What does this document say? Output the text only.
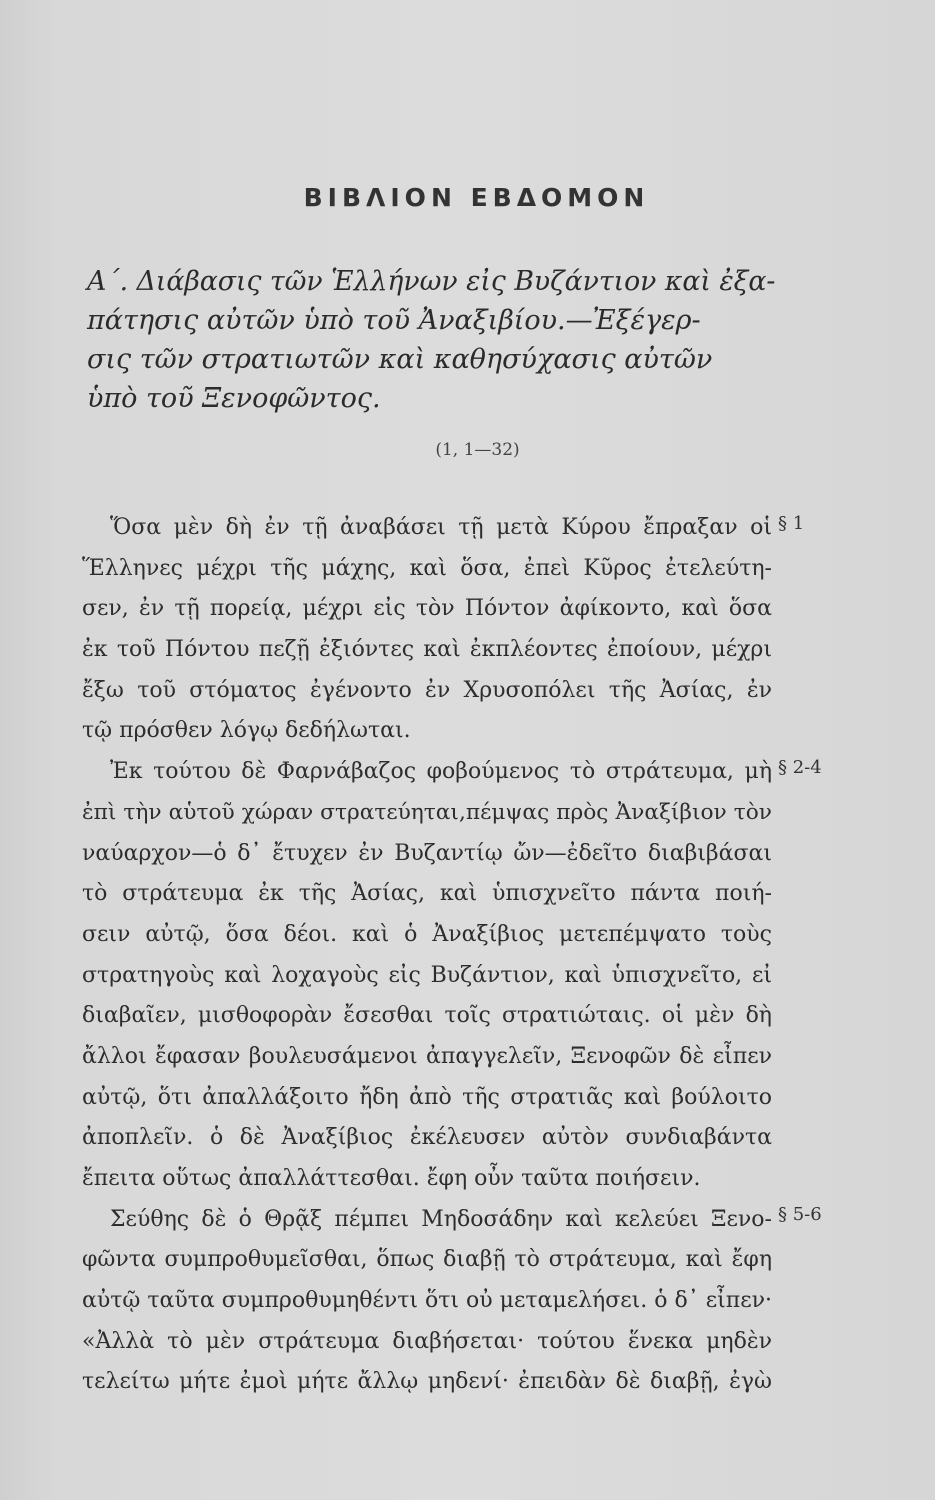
ΒΙΒΛΙΟΝ ΕΒΔΟΜΟΝ
Α΄. Διάβασις τῶν Ἑλλήνων εἰς Βυζάντιον καὶ ἐξα-
πάτησις αὐτῶν ὑπὸ τοῦ Ἀναξιβίου.—Ἐξέγερ-
σις τῶν στρατιωτῶν καὶ καθησύχασις αὐτῶν
ὑπὸ τοῦ Ξενοφῶντος.
(1, 1—32)
Ὅσα μὲν δὴ ἐν τῇ ἀναβάσει τῇ μετὰ Κύρου ἔπραξαν οἱ
Ἕλληνες μέχρι τῆς μάχης, καὶ ὅσα, ἐπεὶ Κῦρος ἐτελεύτη-
σεν, ἐν τῇ πορείᾳ, μέχρι εἰς τὸν Πόντον ἀφίκοντο, καὶ ὅσα
ἐκ τοῦ Πόντου πεζῇ ἐξιόντες καὶ ἐκπλέοντες ἐποίουν, μέχρι
ἔξω τοῦ στόματος ἐγένοντο ἐν Χρυσοπόλει τῆς Ἀσίας, ἐν
τῷ πρόσθεν λόγῳ δεδήλωται.
Ἐκ τούτου δὲ Φαρνάβαζος φοβούμενος τὸ στράτευμα, μὴ
ἐπὶ τὴν αὑτοῦ χώραν στρατεύηται,πέμψας πρὸς Ἀναξίβιον τὸν
ναύαρχον—ὁ δ᾽ ἔτυχεν ἐν Βυζαντίῳ ὤν—ἐδεῖτο διαβιβάσαι
τὸ στράτευμα ἐκ τῆς Ἀσίας, καὶ ὑπισχνεῖτο πάντα ποιή-
σειν αὐτῷ, ὅσα δέοι. καὶ ὁ Ἀναξίβιος μετεπέμψατο τοὺς
στρατηγοὺς καὶ λοχαγοὺς εἰς Βυζάντιον, καὶ ὑπισχνεῖτο, εἰ
διαβαῖεν, μισθοφορὰν ἔσεσθαι τοῖς στρατιώταις. οἱ μὲν δὴ
ἄλλοι ἔφασαν βουλευσάμενοι ἀπαγγελεῖν, Ξενοφῶν δὲ εἶπεν
αὐτῷ, ὅτι ἀπαλλάξοιτο ἤδη ἀπὸ τῆς στρατιᾶς καὶ βούλοιτο
ἀποπλεῖν. ὁ δὲ Ἀναξίβιος ἐκέλευσεν αὐτὸν συνδιαβάντα
ἔπειτα οὕτως ἀπαλλάττεσθαι. ἔφη οὖν ταῦτα ποιήσειν.
Σεύθης δὲ ὁ Θρᾷξ πέμπει Μηδοσάδην καὶ κελεύει Ξενο-
φῶντα συμπροθυμεῖσθαι, ὅπως διαβῇ τὸ στράτευμα, καὶ ἔφη
αὐτῷ ταῦτα συμπροθυμηθέντι ὅτι οὐ μεταμελήσει. ὁ δ᾽ εἶπεν·
«Ἀλλὰ τὸ μὲν στράτευμα διαβήσεται· τούτου ἕνεκα μηδὲν
τελείτω μήτε ἐμοὶ μήτε ἄλλῳ μηδενί· ἐπειδὰν δὲ διαβῇ, ἐγὼ
§ 1
§ 2-4
§ 5-6
